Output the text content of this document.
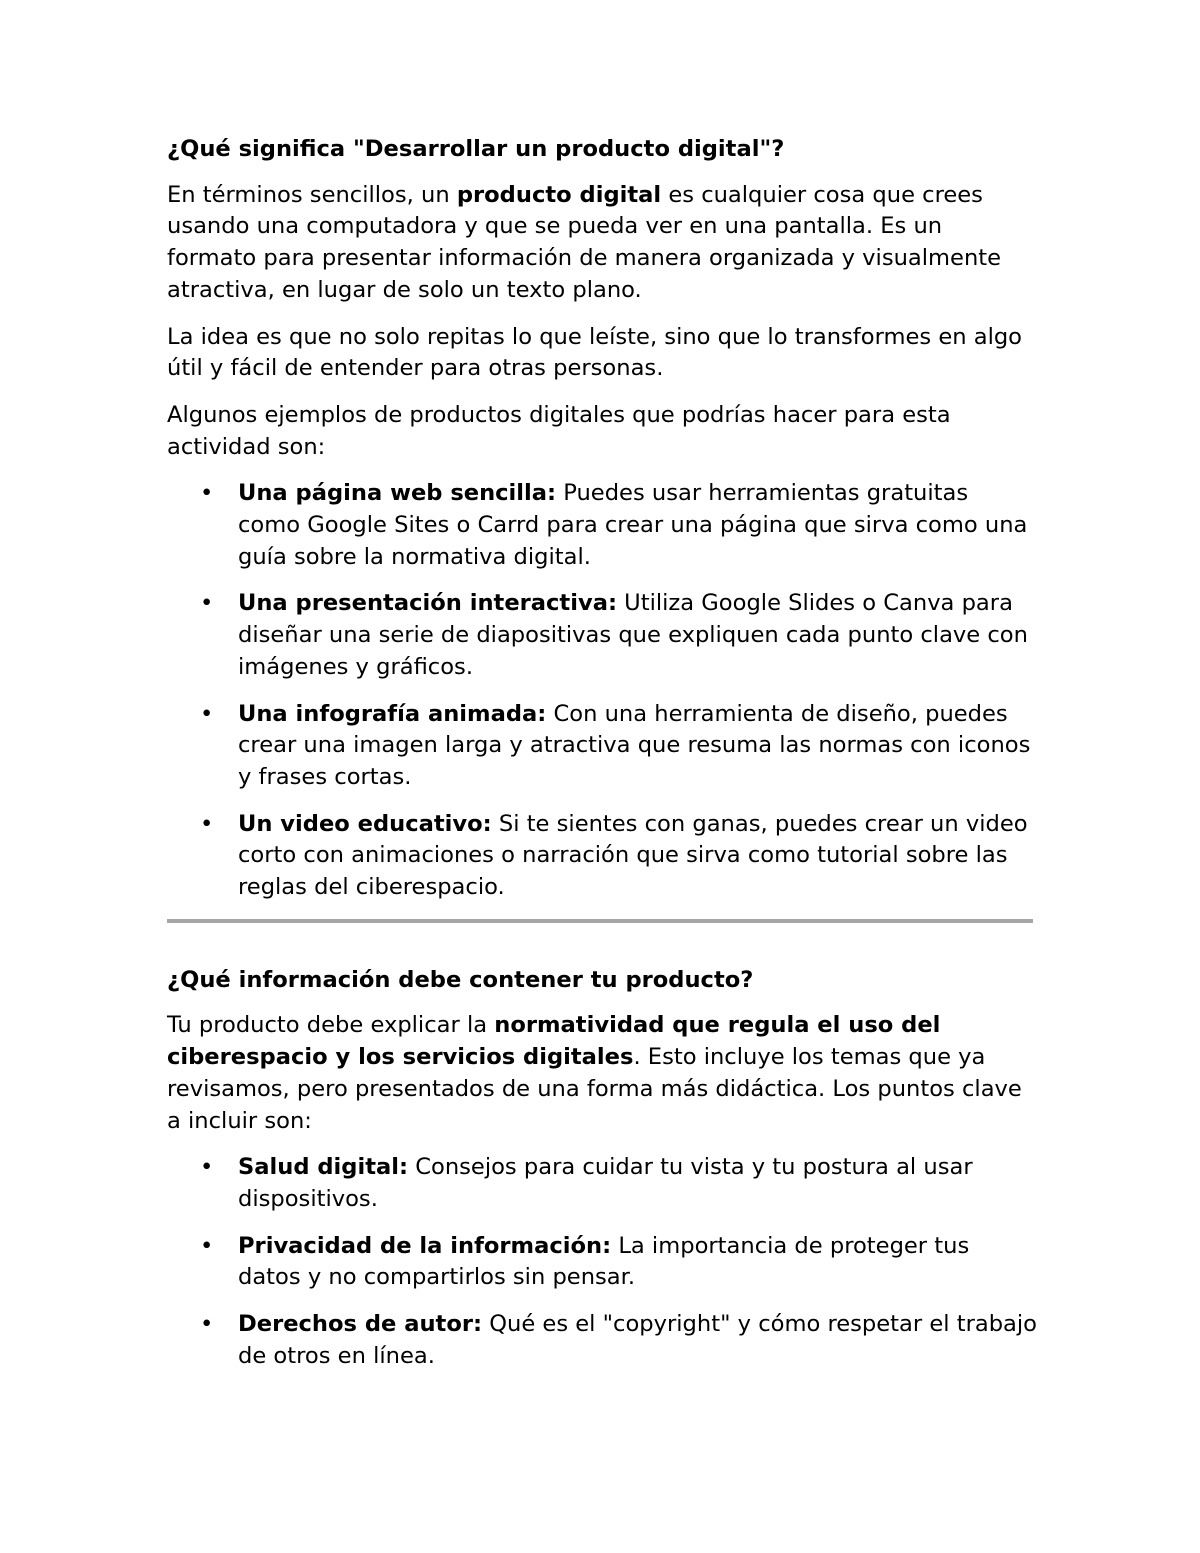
¿Qué significa "Desarrollar un producto digital"?

En términos sencillos, un producto digital es cualquier cosa que crees usando una computadora y que se pueda ver en una pantalla. Es un formato para presentar información de manera organizada y visualmente atractiva, en lugar de solo un texto plano.

La idea es que no solo repitas lo que leíste, sino que lo transformes en algo útil y fácil de entender para otras personas.

Algunos ejemplos de productos digitales que podrías hacer para esta actividad son:

• Una página web sencilla: Puedes usar herramientas gratuitas como Google Sites o Carrd para crear una página que sirva como una guía sobre la normativa digital.
• Una presentación interactiva: Utiliza Google Slides o Canva para diseñar una serie de diapositivas que expliquen cada punto clave con imágenes y gráficos.
• Una infografía animada: Con una herramienta de diseño, puedes crear una imagen larga y atractiva que resuma las normas con iconos y frases cortas.
• Un video educativo: Si te sientes con ganas, puedes crear un video corto con animaciones o narración que sirva como tutorial sobre las reglas del ciberespacio.
¿Qué información debe contener tu producto?

Tu producto debe explicar la normatividad que regula el uso del ciberespacio y los servicios digitales. Esto incluye los temas que ya revisamos, pero presentados de una forma más didáctica. Los puntos clave a incluir son:

• Salud digital: Consejos para cuidar tu vista y tu postura al usar dispositivos.
• Privacidad de la información: La importancia de proteger tus datos y no compartirlos sin pensar.
• Derechos de autor: Qué es el "copyright" y cómo respetar el trabajo de otros en línea.
